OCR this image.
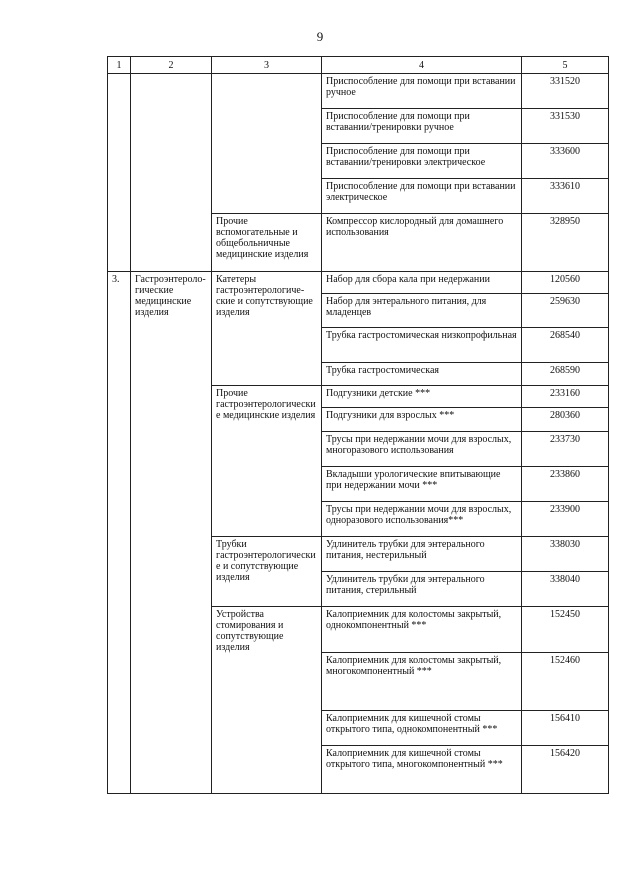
9
1	2	3	4	5
			Приспособление для помощи при вставании ручное	331520
			Приспособление для помощи при вставании/тренировки ручное	331530
			Приспособление для помощи при вставании/тренировки электрическое	333600
			Приспособление для помощи при вставании электрическое	333610
		Прочие вспомогательные и общебольничные медицинские изделия	Компрессор кислородный для домашнего использования	328950
3.	Гастроэнтероло-гические медицинские изделия	Катетеры гастроэнтерологиче-ские и сопутствующие изделия	Набор для сбора кала при недержании	120560
			Набор для энтерального питания, для младенцев	259630
			Трубка гастростомическая низкопрофильная	268540
			Трубка гастростомическая	268590
		Прочие гастроэнтерологически е медицинские изделия	Подгузники детские ***	233160
			Подгузники для взрослых ***	280360
			Трусы при недержании мочи для взрослых, многоразового использования	233730
			Вкладыши урологические впитывающие при недержании мочи ***	233860
			Трусы при недержании мочи для взрослых, одноразового использования***	233900
		Трубки гастроэнтерологически е и сопутствующие изделия	Удлинитель трубки для энтерального питания, нестерильный	338030
			Удлинитель трубки для энтерального питания, стерильный	338040
		Устройства стомирования и сопутствующие изделия	Калоприемник для колостомы закрытый, однокомпонентный ***	152450
			Калоприемник для колостомы закрытый, многокомпонентный ***	152460
			Калоприемник для кишечной стомы открытого типа, однокомпонентный ***	156410
			Калоприемник для кишечной стомы открытого типа, многокомпонентный ***	156420
